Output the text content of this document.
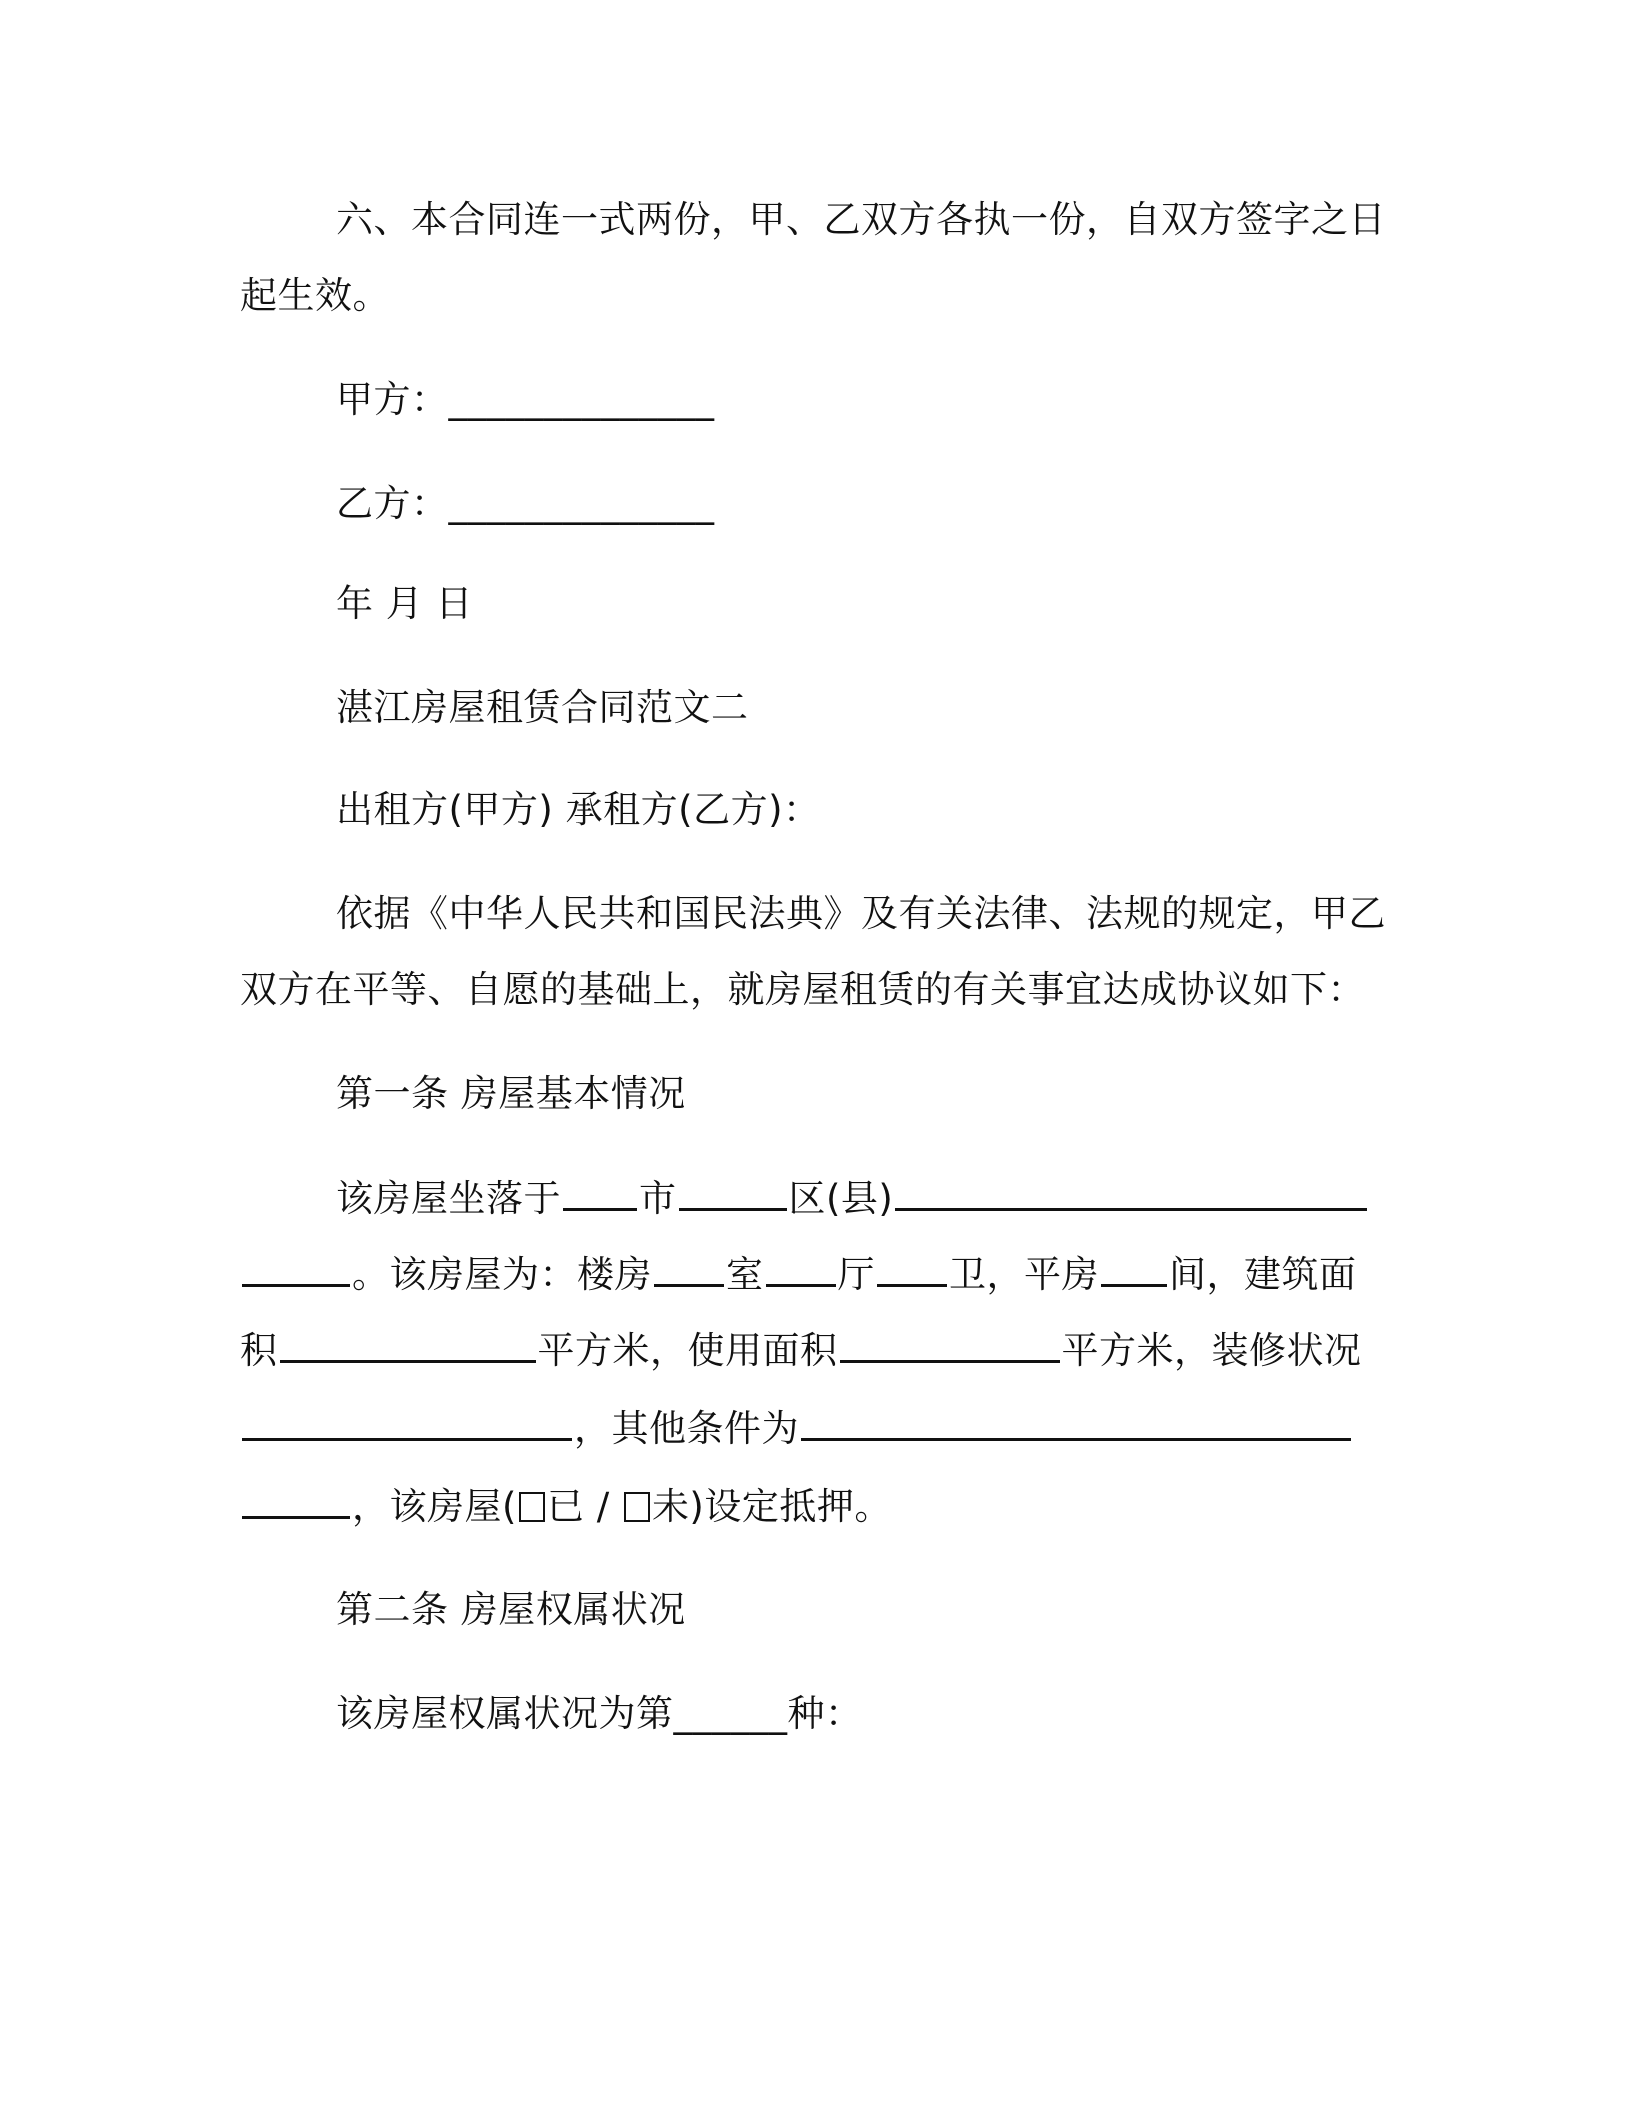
六、本合同连一式两份，甲、乙双方各执一份，自双方签字之日
起生效。
甲方：______________
乙方：______________
年 月 日
湛江房屋租赁合同范文二
出租方(甲方) 承租方(乙方)：
依据《中华人民共和国民法典》及有关法律、法规的规定，甲乙
双方在平等、自愿的基础上，就房屋租赁的有关事宜达成协议如下：
第一条 房屋基本情况
该房屋坐落于 市	区(县)
。该房屋为：楼房 室 厅 卫，平房 间，建筑面
积	平方米，使用面积	平方米，装修状况
，其他条件为
，该房屋( 已 / 未)设定抵押。
第二条 房屋权属状况
该房屋权属状况为第______种：
